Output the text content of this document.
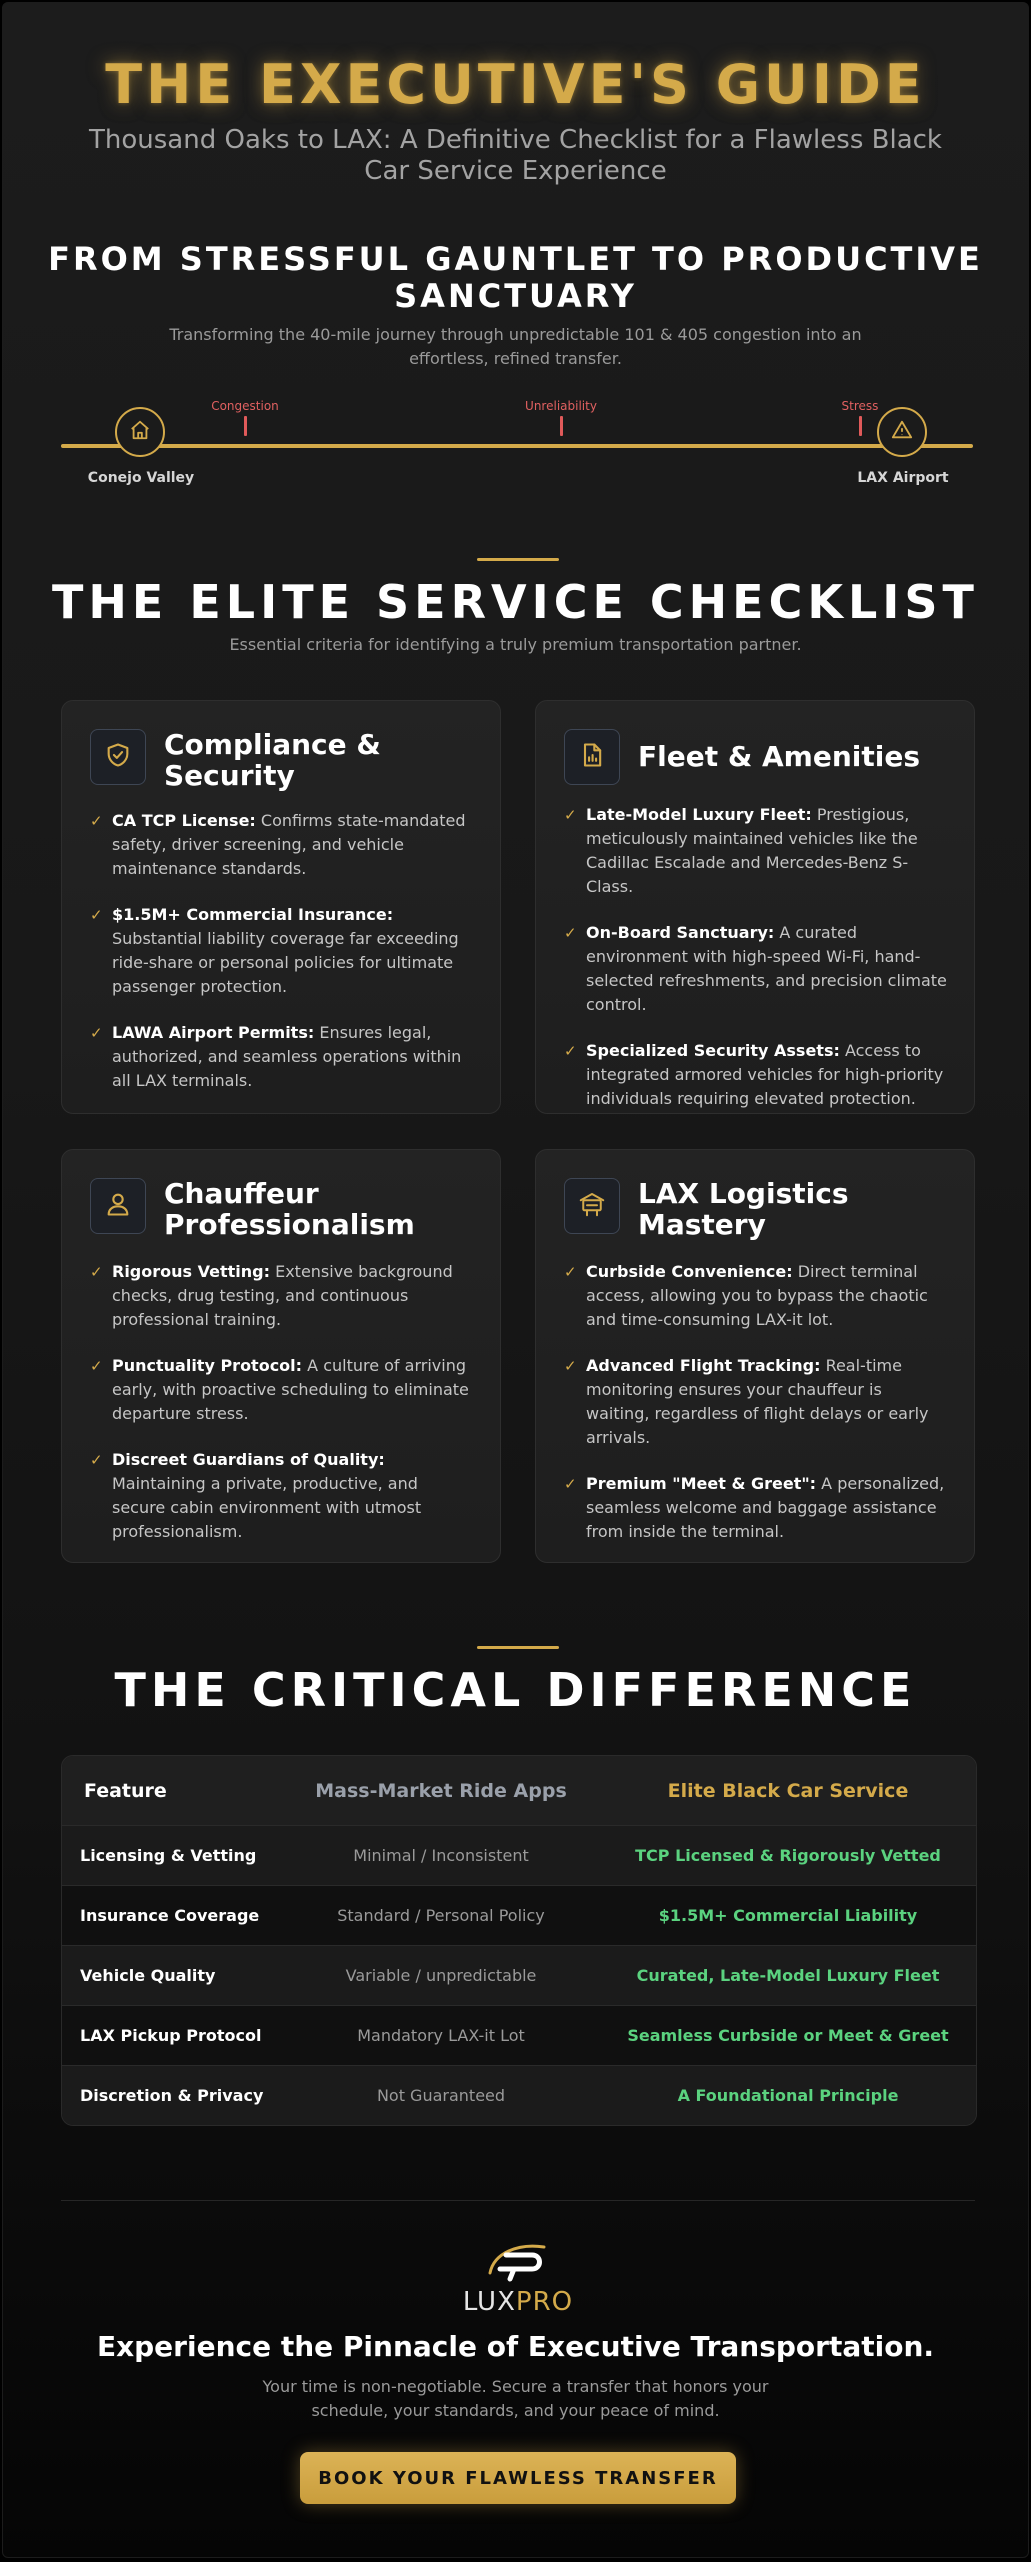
THE EXECUTIVE'S GUIDE

Thousand Oaks to LAX: A Definitive Checklist for a Flawless Black Car Service Experience

FROM STRESSFUL GAUNTLET TO PRODUCTIVE SANCTUARY

Transforming the 40-mile journey through unpredictable 101 & 405 congestion into an effortless, refined transfer.

Congestion	Unreliability	Stress
Conejo Valley	LAX Airport
THE ELITE SERVICE CHECKLIST

Essential criteria for identifying a truly premium transportation partner.

Compliance & Security
✓ CA TCP License: Confirms state-mandated safety, driver screening, and vehicle maintenance standards.
✓ $1.5M+ Commercial Insurance: Substantial liability coverage far exceeding ride-share or personal policies for ultimate passenger protection.
✓ LAWA Airport Permits: Ensures legal, authorized, and seamless operations within all LAX terminals.
Fleet & Amenities
✓ Late-Model Luxury Fleet: Prestigious, meticulously maintained vehicles like the Cadillac Escalade and Mercedes-Benz S-Class.
✓ On-Board Sanctuary: A curated environment with high-speed Wi-Fi, hand-selected refreshments, and precision climate control.
✓ Specialized Security Assets: Access to integrated armored vehicles for high-priority individuals requiring elevated protection.
Chauffeur Professionalism
✓ Rigorous Vetting: Extensive background checks, drug testing, and continuous professional training.
✓ Punctuality Protocol: A culture of arriving early, with proactive scheduling to eliminate departure stress.
✓ Discreet Guardians of Quality: Maintaining a private, productive, and secure cabin environment with utmost professionalism.
LAX Logistics Mastery
✓ Curbside Convenience: Direct terminal access, allowing you to bypass the chaotic and time-consuming LAX-it lot.
✓ Advanced Flight Tracking: Real-time monitoring ensures your chauffeur is waiting, regardless of flight delays or early arrivals.
✓ Premium "Meet & Greet": A personalized, seamless welcome and baggage assistance from inside the terminal.
THE CRITICAL DIFFERENCE
Feature	Mass-Market Ride Apps	Elite Black Car Service
Licensing & Vetting	Minimal / Inconsistent	TCP Licensed & Rigorously Vetted
Insurance Coverage	Standard / Personal Policy	$1.5M+ Commercial Liability
Vehicle Quality	Variable / unpredictable	Curated, Late-Model Luxury Fleet
LAX Pickup Protocol	Mandatory LAX-it Lot	Seamless Curbside or Meet & Greet
Discretion & Privacy	Not Guaranteed	A Foundational Principle
LUXPRO
Experience the Pinnacle of Executive Transportation.

Your time is non-negotiable. Secure a transfer that honors your schedule, your standards, and your peace of mind.

BOOK YOUR FLAWLESS TRANSFER
